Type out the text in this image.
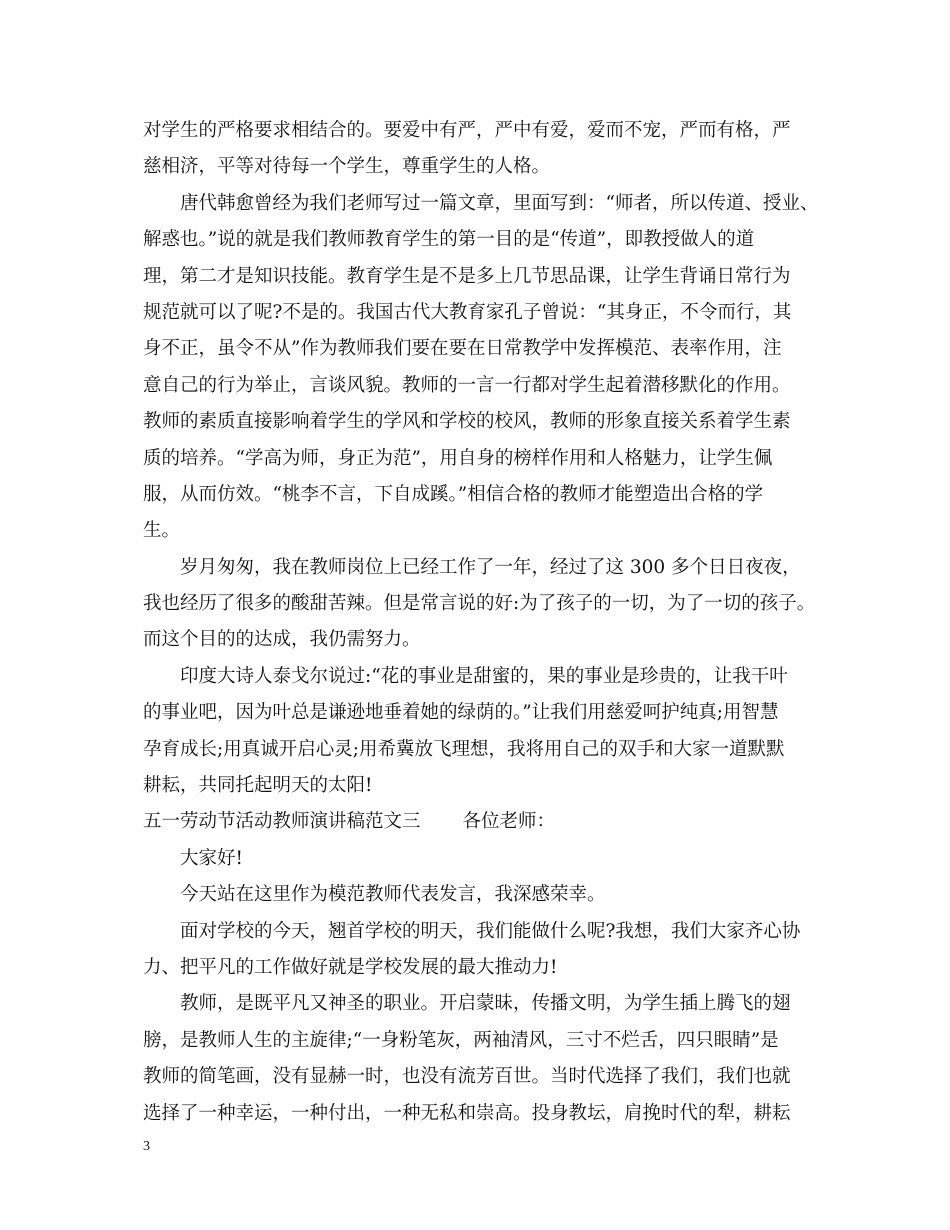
对学生的严格要求相结合的。要爱中有严，严中有爱，爱而不宠，严而有格，严
慈相济，平等对待每一个学生，尊重学生的人格。
唐代韩愈曾经为我们老师写过一篇文章，里面写到：“师者，所以传道、授业、
解惑也。”说的就是我们教师教育学生的第一目的是“传道”，即教授做人的道
理，第二才是知识技能。教育学生是不是多上几节思品课，让学生背诵日常行为
规范就可以了呢?不是的。我国古代大教育家孔子曾说：“其身正，不令而行，其
身不正，虽令不从”作为教师我们要在要在日常教学中发挥模范、表率作用，注
意自己的行为举止，言谈风貌。教师的一言一行都对学生起着潜移默化的作用。
教师的素质直接影响着学生的学风和学校的校风，教师的形象直接关系着学生素
质的培养。“学高为师，身正为范”，用自身的榜样作用和人格魅力，让学生佩
服，从而仿效。“桃李不言，下自成蹊。”相信合格的教师才能塑造出合格的学
生。
岁月匆匆，我在教师岗位上已经工作了一年，经过了这 300 多个日日夜夜，
我也经历了很多的酸甜苦辣。但是常言说的好:为了孩子的一切，为了一切的孩子。
而这个目的的达成，我仍需努力。
印度大诗人泰戈尔说过:“花的事业是甜蜜的，果的事业是珍贵的，让我干叶
的事业吧，因为叶总是谦逊地垂着她的绿荫的。”让我们用慈爱呵护纯真;用智慧
孕育成长;用真诚开启心灵;用希冀放飞理想，我将用自己的双手和大家一道默默
耕耘，共同托起明天的太阳!
五一劳动节活动教师演讲稿范文三 各位老师：
大家好!
今天站在这里作为模范教师代表发言，我深感荣幸。
面对学校的今天，翘首学校的明天，我们能做什么呢?我想，我们大家齐心协
力、把平凡的工作做好就是学校发展的最大推动力!
教师，是既平凡又神圣的职业。开启蒙昧，传播文明，为学生插上腾飞的翅
膀，是教师人生的主旋律;“一身粉笔灰，两袖清风，三寸不烂舌，四只眼睛”是
教师的简笔画，没有显赫一时，也没有流芳百世。当时代选择了我们，我们也就
选择了一种幸运，一种付出，一种无私和崇高。投身教坛，肩挽时代的犁，耕耘
3
